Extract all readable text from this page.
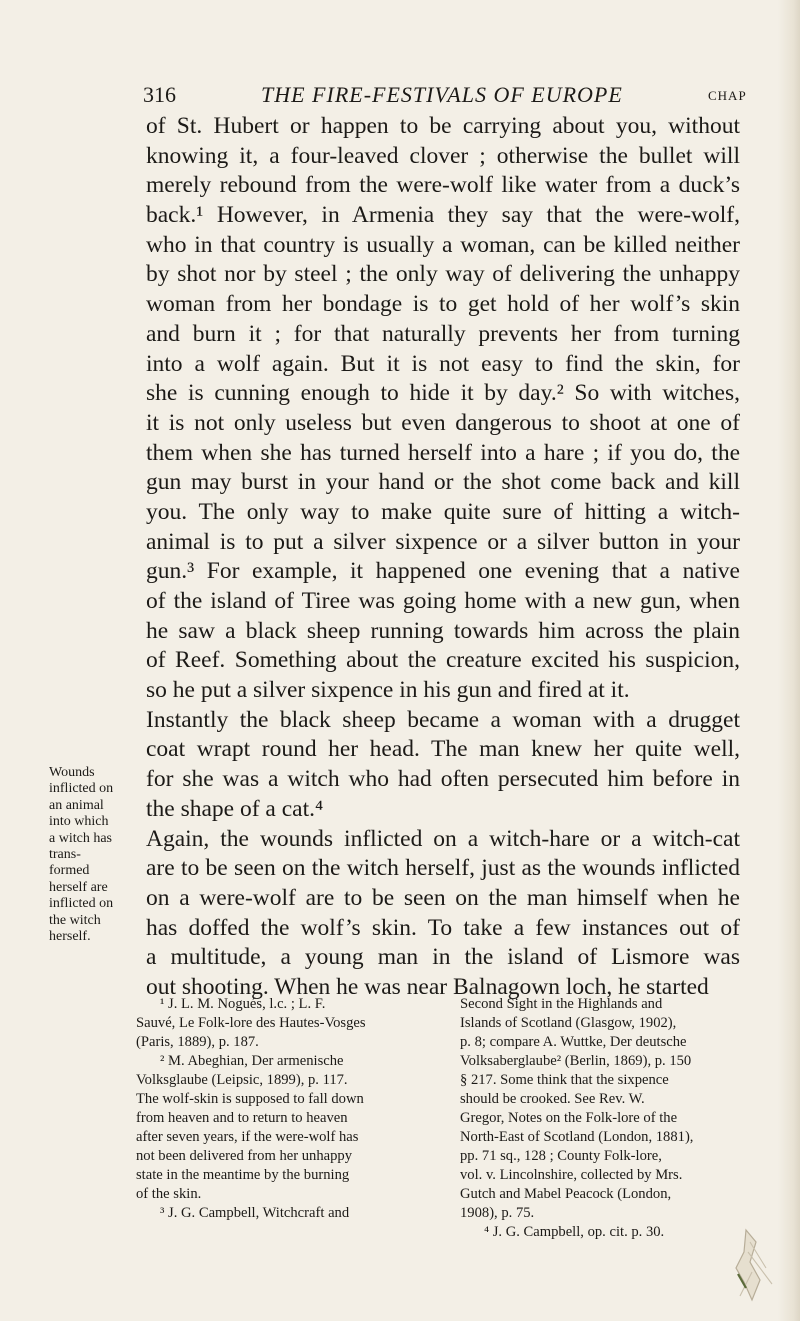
316	THE FIRE-FESTIVALS OF EUROPE	CHAP
of St. Hubert or happen to be carrying about you, without
knowing it, a four-leaved clover ; otherwise the bullet will
merely rebound from the were-wolf like water from a duck’s
back.¹ However, in Armenia they say that the were-wolf,
who in that country is usually a woman, can be killed neither
by shot nor by steel ; the only way of delivering the unhappy
woman from her bondage is to get hold of her wolf’s skin
and burn it ; for that naturally prevents her from turning
into a wolf again. But it is not easy to find the skin, for
she is cunning enough to hide it by day.² So with witches,
it is not only useless but even dangerous to shoot at one of
them when she has turned herself into a hare ; if you do, the
gun may burst in your hand or the shot come back and kill
you. The only way to make quite sure of hitting a witch-
animal is to put a silver sixpence or a silver button in your
gun.³ For example, it happened one evening that a native
of the island of Tiree was going home with a new gun, when
he saw a black sheep running towards him across the plain
of Reef. Something about the creature excited his suspicion,
so he put a silver sixpence in his gun and fired at it.
Instantly the black sheep became a woman with a drugget
coat wrapt round her head. The man knew her quite well,
for she was a witch who had often persecuted him before in
the shape of a cat.⁴
Again, the wounds inflicted on a witch-hare or a witch-cat
are to be seen on the witch herself, just as the wounds inflicted
on a were-wolf are to be seen on the man himself when he
has doffed the wolf’s skin. To take a few instances out of
a multitude, a young man in the island of Lismore was
out shooting. When he was near Balnagown loch, he started
Wounds
inflicted on
an animal
into which
a witch has
trans-
formed
herself are
inflicted on
the witch
herself.
¹ J. L. M. Nogués, l.c. ; L. F.
Sauvé, Le Folk-lore des Hautes-Vosges
(Paris, 1889), p. 187.
² M. Abeghian, Der armenische
Volksglaube (Leipsic, 1899), p. 117.
The wolf-skin is supposed to fall down
from heaven and to return to heaven
after seven years, if the were-wolf has
not been delivered from her unhappy
state in the meantime by the burning
of the skin.
³ J. G. Campbell, Witchcraft and
Second Sight in the Highlands and
Islands of Scotland (Glasgow, 1902),
p. 8; compare A. Wuttke, Der deutsche
Volksaberglaube² (Berlin, 1869), p. 150
§ 217. Some think that the sixpence
should be crooked. See Rev. W.
Gregor, Notes on the Folk-lore of the
North-East of Scotland (London, 1881),
pp. 71 sq., 128 ; County Folk-lore,
vol. v. Lincolnshire, collected by Mrs.
Gutch and Mabel Peacock (London,
1908), p. 75.
⁴ J. G. Campbell, op. cit. p. 30.
